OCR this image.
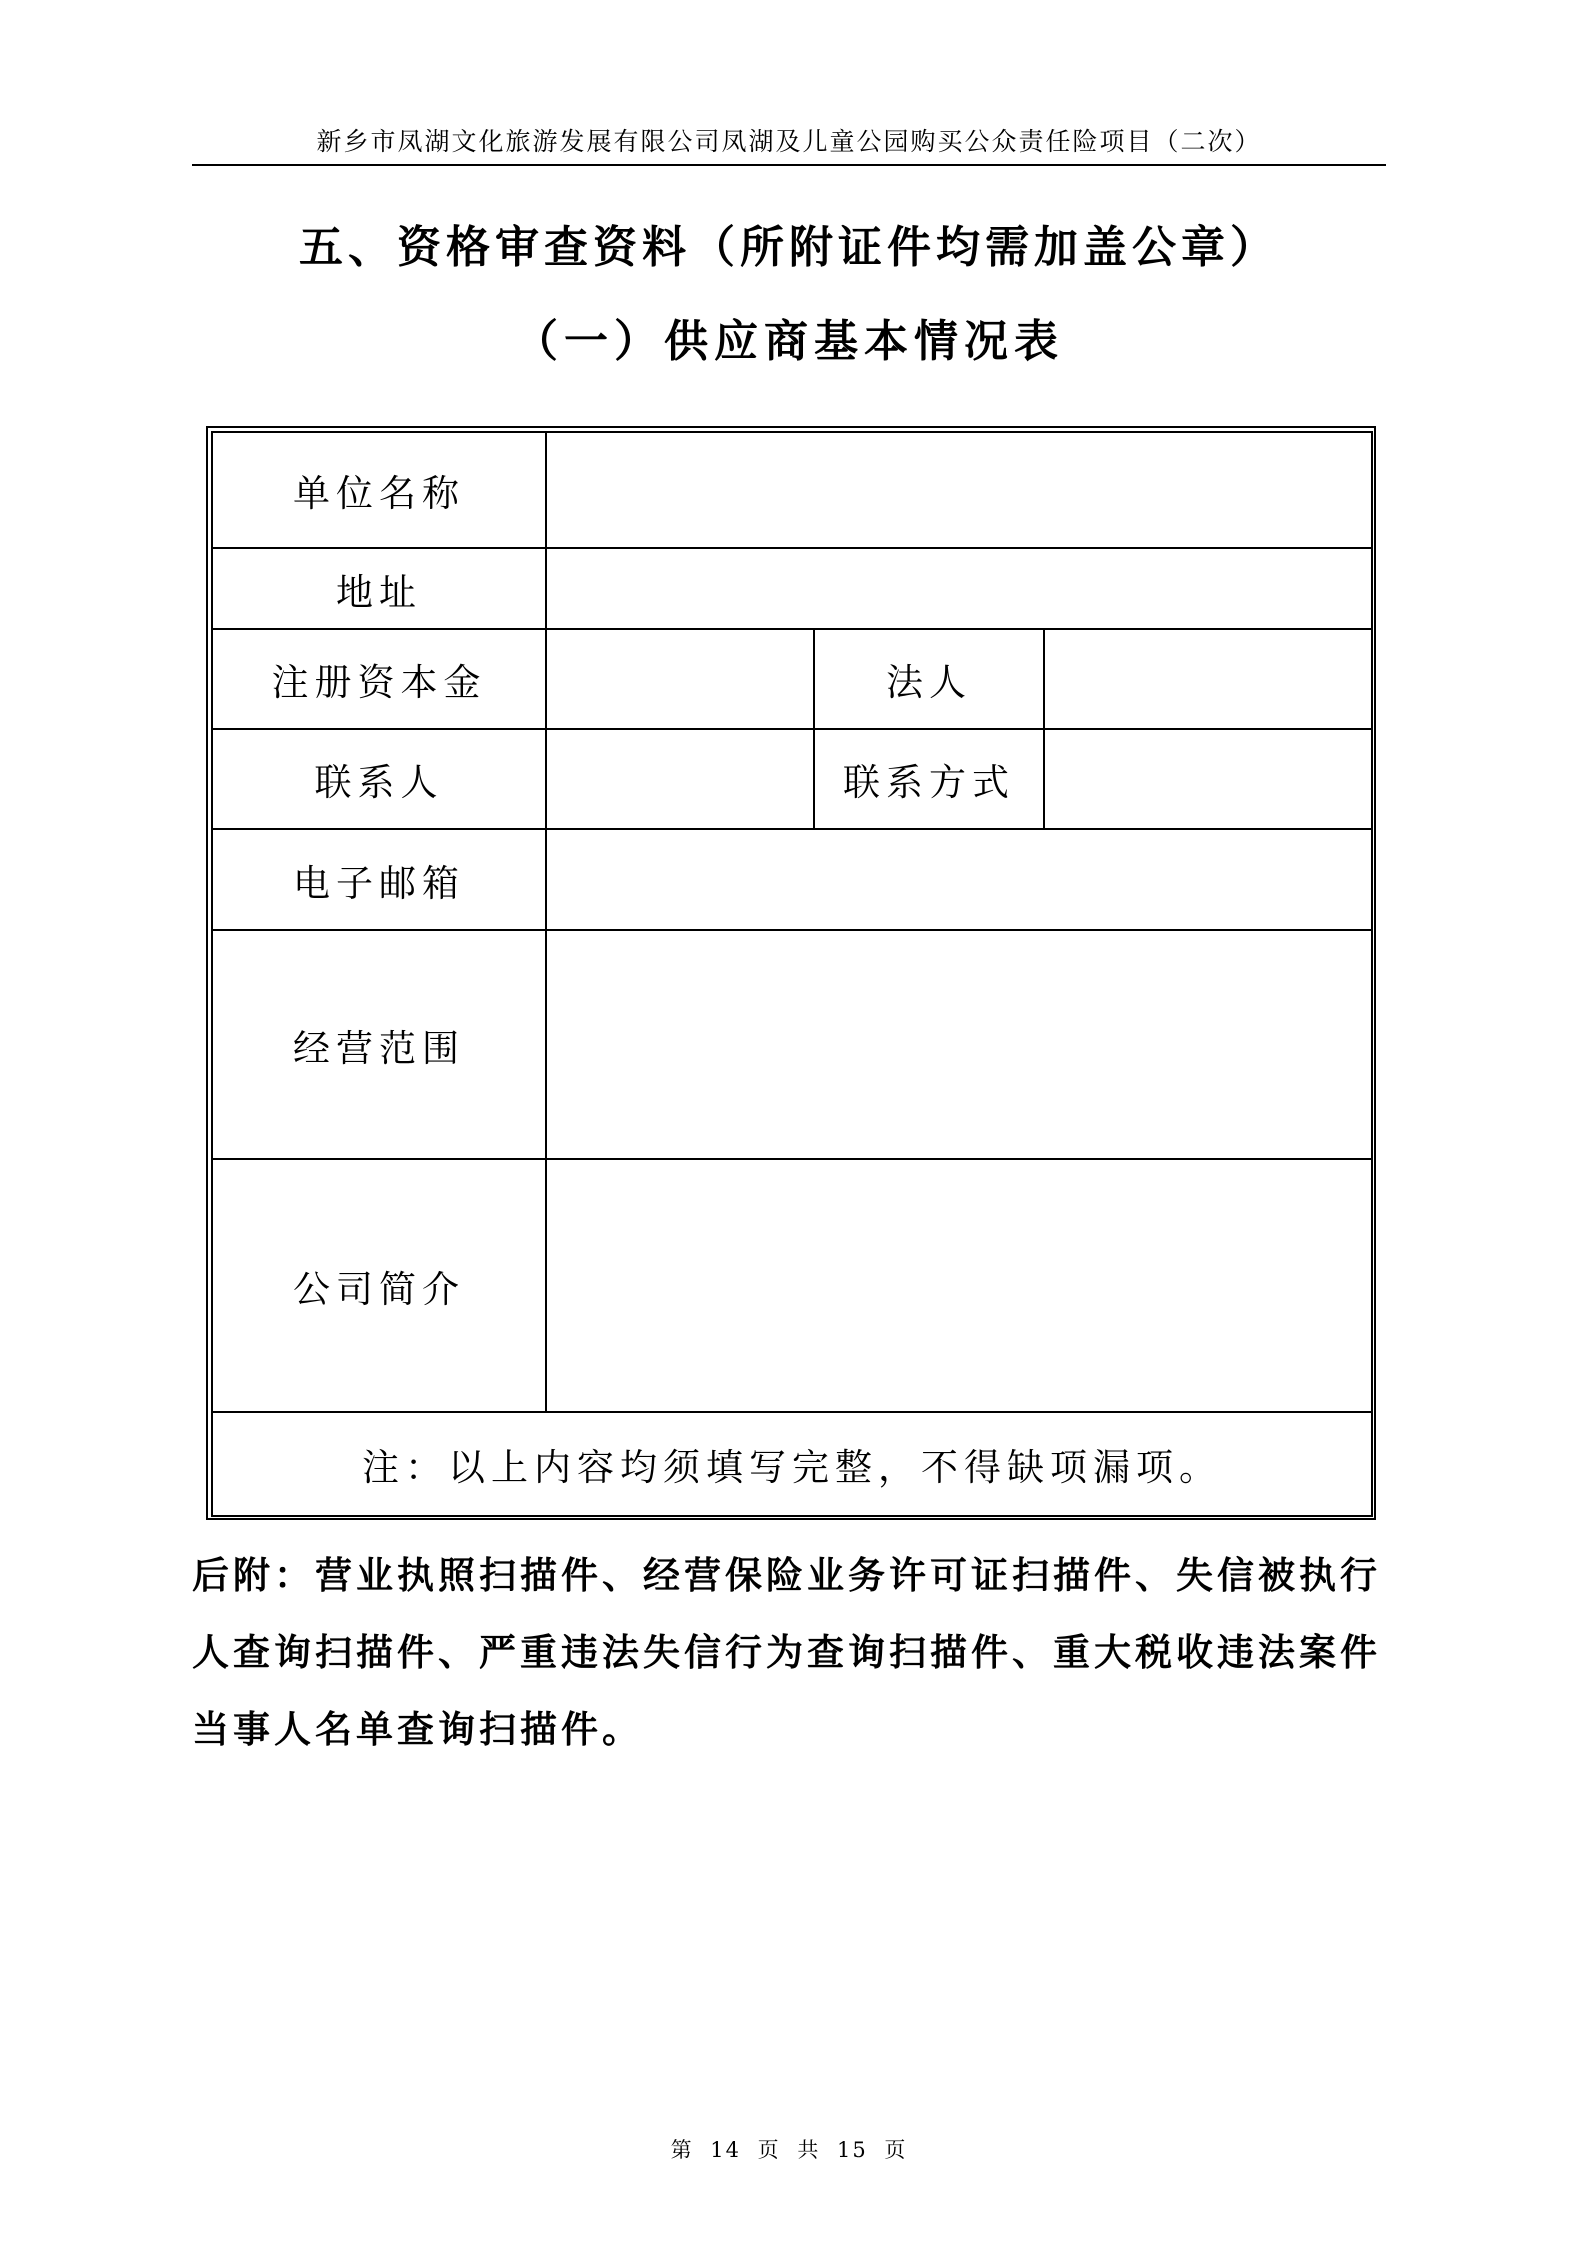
新乡市凤湖文化旅游发展有限公司凤湖及儿童公园购买公众责任险项目（二次）
五、资格审查资料（所附证件均需加盖公章）
（一）供应商基本情况表
单位名称			
地址			
注册资本金		法人	
联系人		联系方式	
电子邮箱			
经营范围			
公司简介			
注：以上内容均须填写完整，不得缺项漏项。			
后附：营业执照扫描件、经营保险业务许可证扫描件、失信被执行人查询扫描件、严重违法失信行为查询扫描件、重大税收违法案件当事人名单查询扫描件。
第 14 页 共 15 页
